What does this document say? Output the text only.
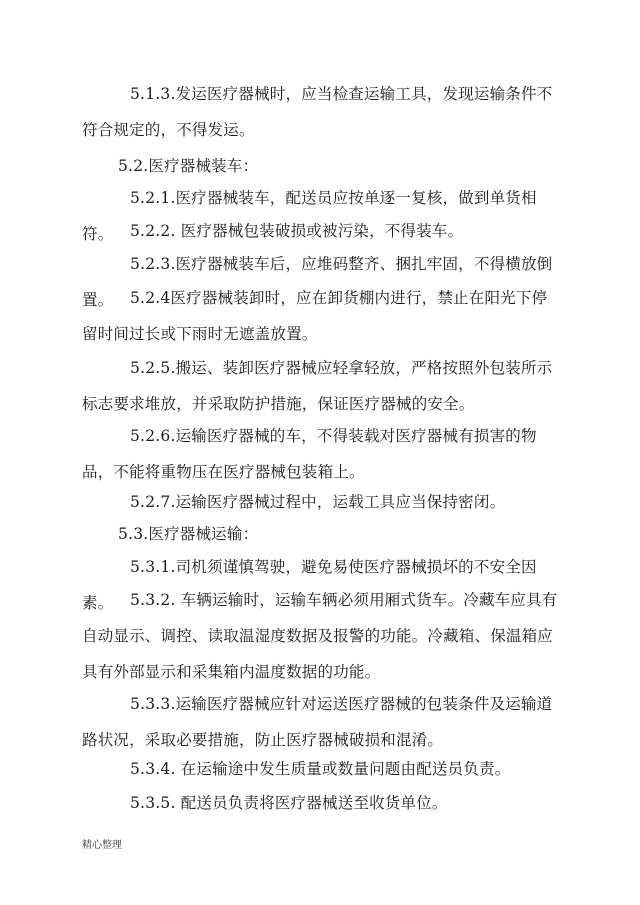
5.1.3.发运医疗器械时，应当检查运输工具，发现运输条件不符合规定的，不得发运。

5.2.医疗器械装车：

5.2.1.医疗器械装车，配送员应按单逐一复核，做到单货相符。	5.2.2. 医疗器械包装破损或被污染，不得装车。

5.2.3.医疗器械装车后，应堆码整齐、捆扎牢固，不得横放倒置。	5.2.4医疗器械装卸时，应在卸货棚内进行，禁止在阳光下停留时间过长或下雨时无遮盖放置。

5.2.5.搬运、装卸医疗器械应轻拿轻放，严格按照外包装所示标志要求堆放，并采取防护措施，保证医疗器械的安全。

5.2.6.运输医疗器械的车，不得装载对医疗器械有损害的物品，不能将重物压在医疗器械包装箱上。

5.2.7.运输医疗器械过程中，运载工具应当保持密闭。

5.3.医疗器械运输：

5.3.1.司机须谨慎驾驶，避免易使医疗器械损坏的不安全因素。	5.3.2. 车辆运输时，运输车辆必须用厢式货车。冷藏车应具有自动显示、调控、读取温湿度数据及报警的功能。冷藏箱、保温箱应具有外部显示和采集箱内温度数据的功能。

5.3.3.运输医疗器械应针对运送医疗器械的包装条件及运输道路状况，采取必要措施，防止医疗器械破损和混淆。

5.3.4. 在运输途中发生质量或数量问题由配送员负责。

5.3.5. 配送员负责将医疗器械送至收货单位。

精心整理
